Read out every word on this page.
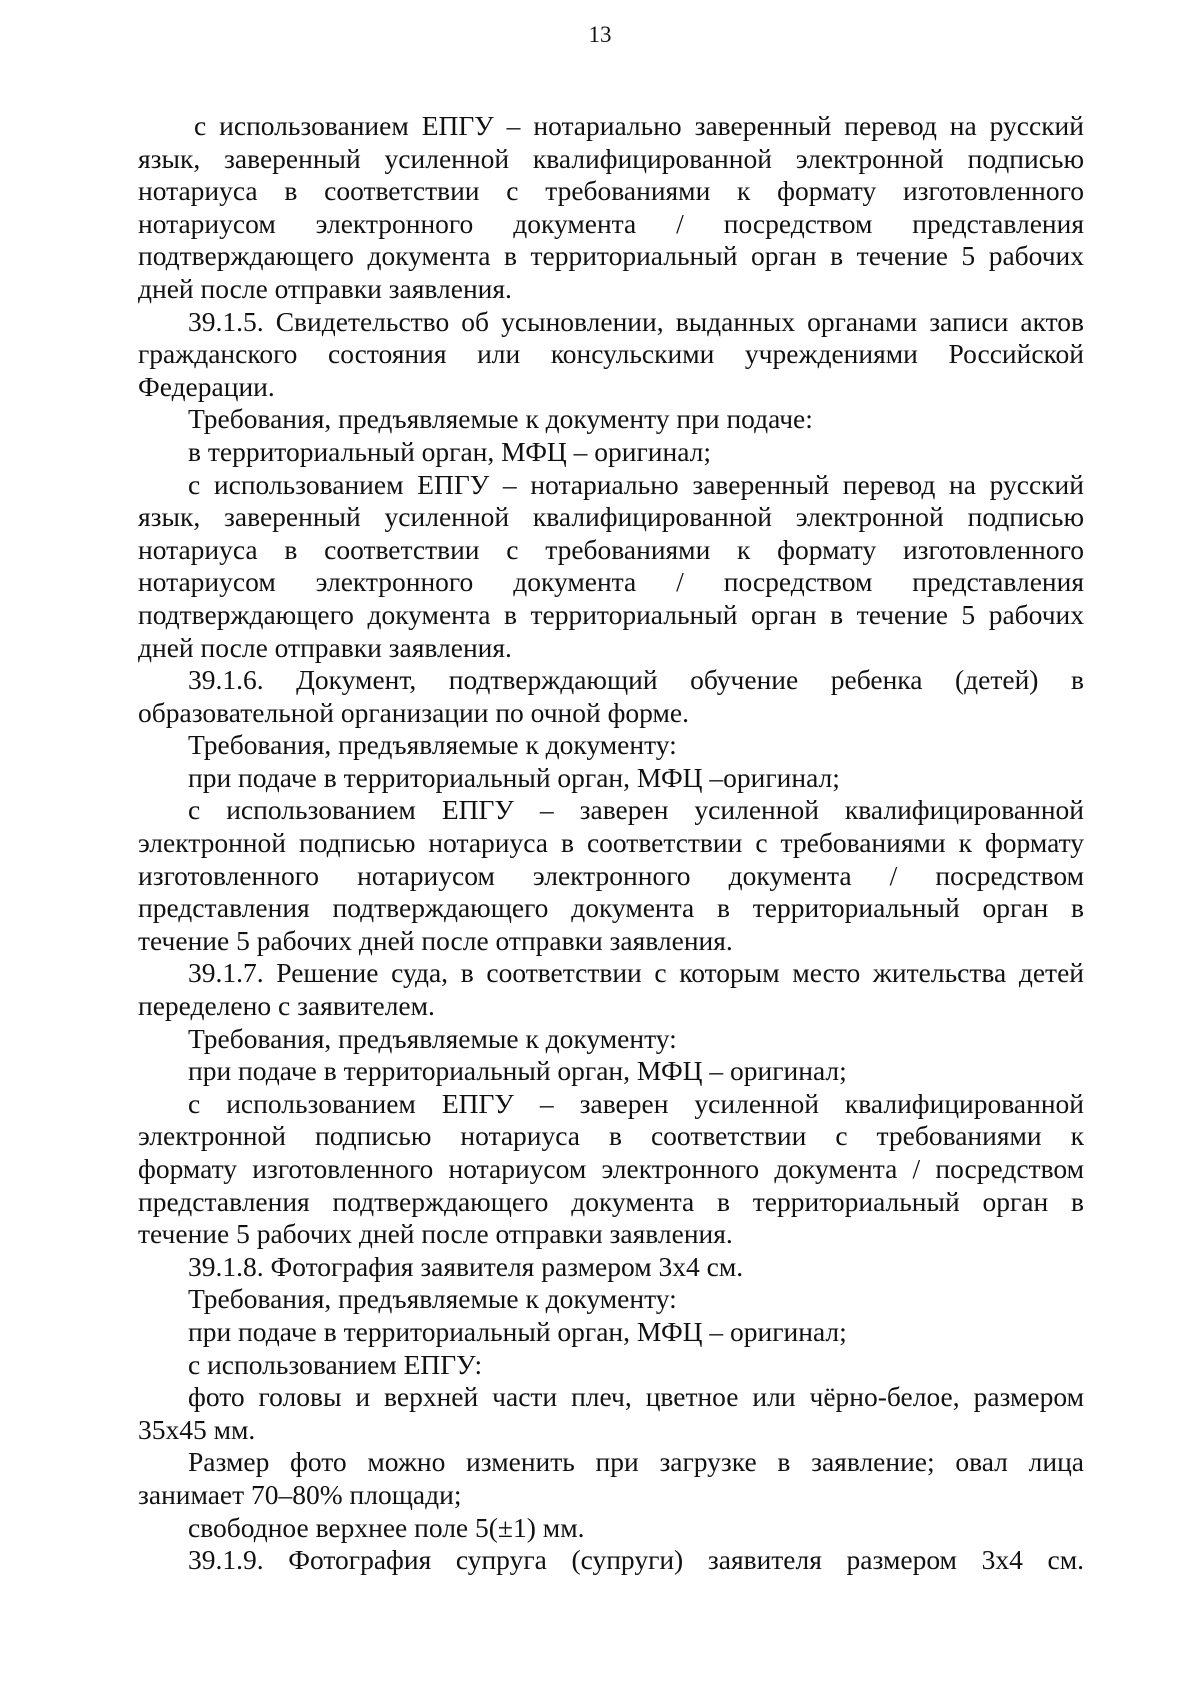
13
с использованием ЕПГУ – нотариально заверенный перевод на русский
язык, заверенный усиленной квалифицированной электронной подписью
нотариуса в соответствии с требованиями к формату изготовленного
нотариусом электронного документа / посредством представления
подтверждающего документа в территориальный орган в течение 5 рабочих
дней после отправки заявления.
39.1.5. Свидетельство об усыновлении, выданных органами записи актов
гражданского состояния или консульскими учреждениями Российской
Федерации.
Требования, предъявляемые к документу при подаче:
в территориальный орган, МФЦ – оригинал;
с использованием ЕПГУ – нотариально заверенный перевод на русский
язык, заверенный усиленной квалифицированной электронной подписью
нотариуса в соответствии с требованиями к формату изготовленного
нотариусом электронного документа / посредством представления
подтверждающего документа в территориальный орган в течение 5 рабочих
дней после отправки заявления.
39.1.6. Документ, подтверждающий обучение ребенка (детей) в
образовательной организации по очной форме.
Требования, предъявляемые к документу:
при подаче в территориальный орган, МФЦ –оригинал;
с использованием ЕПГУ – заверен усиленной квалифицированной
электронной подписью нотариуса в соответствии с требованиями к формату
изготовленного нотариусом электронного документа / посредством
представления подтверждающего документа в территориальный орган в
течение 5 рабочих дней после отправки заявления.
39.1.7. Решение суда, в соответствии с которым место жительства детей
переделено с заявителем.
Требования, предъявляемые к документу:
при подаче в территориальный орган, МФЦ – оригинал;
с использованием ЕПГУ – заверен усиленной квалифицированной
электронной подписью нотариуса в соответствии с требованиями к
формату изготовленного нотариусом электронного документа / посредством
представления подтверждающего документа в территориальный орган в
течение 5 рабочих дней после отправки заявления.
39.1.8. Фотография заявителя размером 3х4 см.
Требования, предъявляемые к документу:
при подаче в территориальный орган, МФЦ – оригинал;
с использованием ЕПГУ:
фото головы и верхней части плеч, цветное или чёрно-белое, размером
35х45 мм.
Размер фото можно изменить при загрузке в заявление; овал лица
занимает 70–80% площади;
свободное верхнее поле 5(±1) мм.
39.1.9. Фотография супруга (супруги) заявителя размером 3х4 см.
